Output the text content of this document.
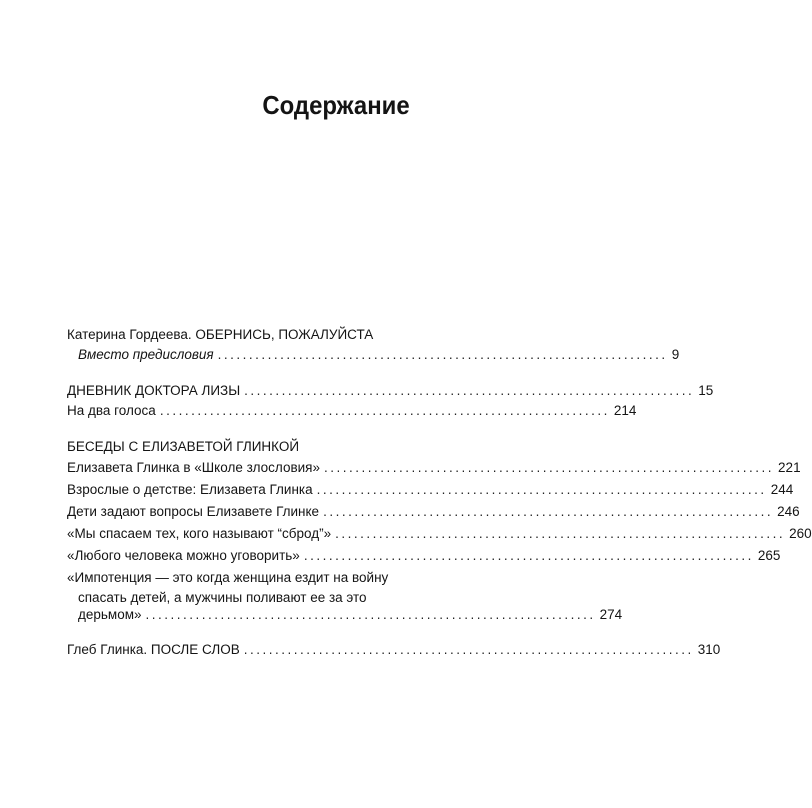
Содержание
Катерина Гордеева. ОБЕРНИСЬ, ПОЖАЛУЙСТА
Вместо предисловия ........................................................................ 9
ДНЕВНИК ДОКТОРА ЛИЗЫ ........................................................................ 15
На два голоса ........................................................................ 214
БЕСЕДЫ С ЕЛИЗАВЕТОЙ ГЛИНКОЙ
Елизавета Глинка в «Школе злословия» ........................................................................ 221
Взрослые о детстве: Елизавета Глинка ........................................................................ 244
Дети задают вопросы Елизавете Глинке ........................................................................ 246
«Мы спасаем тех, кого называют “сброд”» ........................................................................ 260
«Любого человека можно уговорить» ........................................................................ 265
«Импотенция — это когда женщина ездит на войну
спасать детей, а мужчины поливают ее за это
дерьмом» ........................................................................ 274
Глеб Глинка. ПОСЛЕ СЛОВ ........................................................................ 310
